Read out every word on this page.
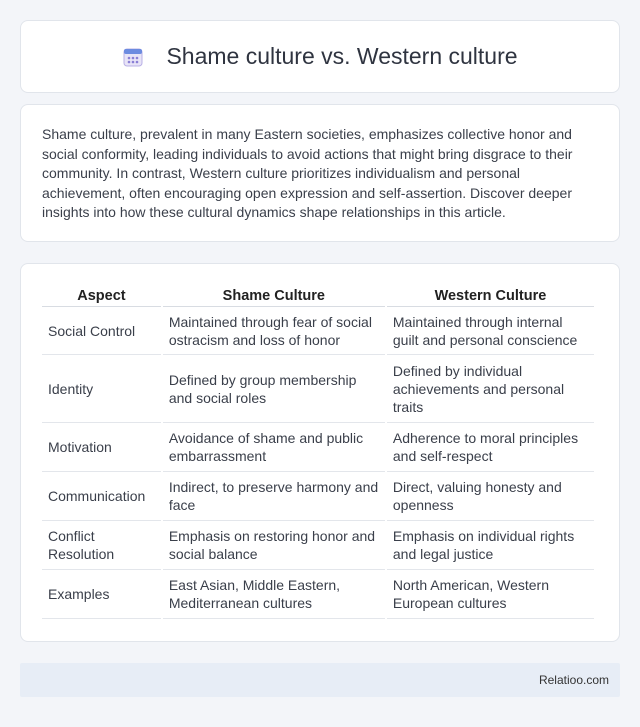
Shame culture vs. Western culture

Shame culture, prevalent in many Eastern societies, emphasizes collective honor and social conformity, leading individuals to avoid actions that might bring disgrace to their community. In contrast, Western culture prioritizes individualism and personal achievement, often encouraging open expression and self-assertion. Discover deeper insights into how these cultural dynamics shape relationships in this article.

Aspect	Shame Culture	Western Culture
Social Control	Maintained through fear of social ostracism and loss of honor	Maintained through internal guilt and personal conscience
Identity	Defined by group membership and social roles	Defined by individual achievements and personal traits
Motivation	Avoidance of shame and public embarrassment	Adherence to moral principles and self-respect
Communication	Indirect, to preserve harmony and face	Direct, valuing honesty and openness
Conflict Resolution	Emphasis on restoring honor and social balance	Emphasis on individual rights and legal justice
Examples	East Asian, Middle Eastern, Mediterranean cultures	North American, Western European cultures
Relatioo.com
